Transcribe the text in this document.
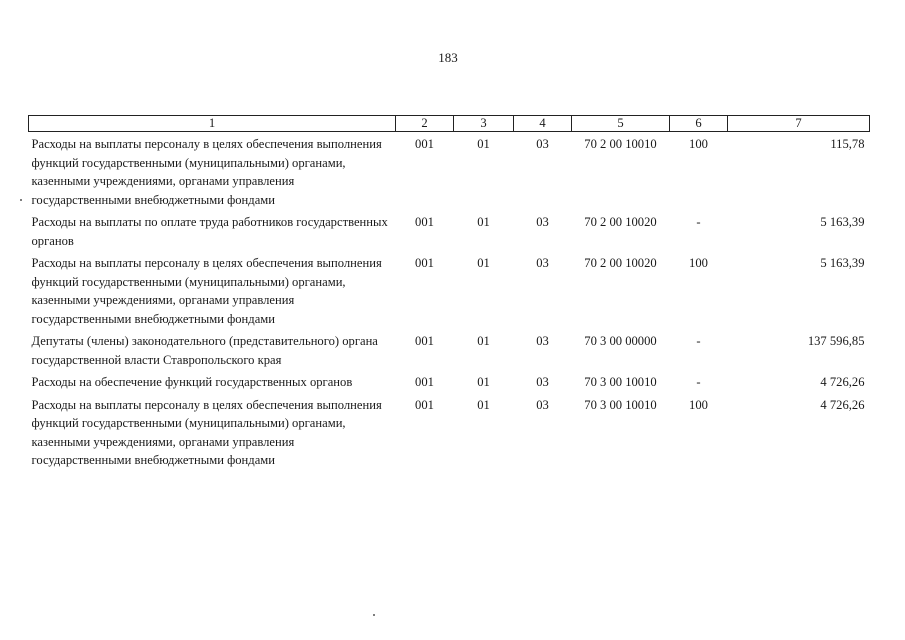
183
1	2	3	4	5	6	7
Расходы на выплаты персоналу в целях обеспечения выполнения функций государственными (муниципальными) органами, казенными учреждениями, органами управления государственными внебюджетными фондами	001	01	03	70 2 00 10010	100	115,78
Расходы на выплаты по оплате труда работников государственных органов	001	01	03	70 2 00 10020	-	5 163,39
Расходы на выплаты персоналу в целях обеспечения выполнения функций государственными (муниципальными) органами, казенными учреждениями, органами управления государственными внебюджетными фондами	001	01	03	70 2 00 10020	100	5 163,39
Депутаты (члены) законодательного (представительного) органа государственной власти Ставропольского края	001	01	03	70 3 00 00000	-	137 596,85
Расходы на обеспечение функций государственных органов	001	01	03	70 3 00 10010	-	4 726,26
Расходы на выплаты персоналу в целях обеспечения выполнения функций государственными (муниципальными) органами, казенными учреждениями, органами управления государственными внебюджетными фондами	001	01	03	70 3 00 10010	100	4 726,26
